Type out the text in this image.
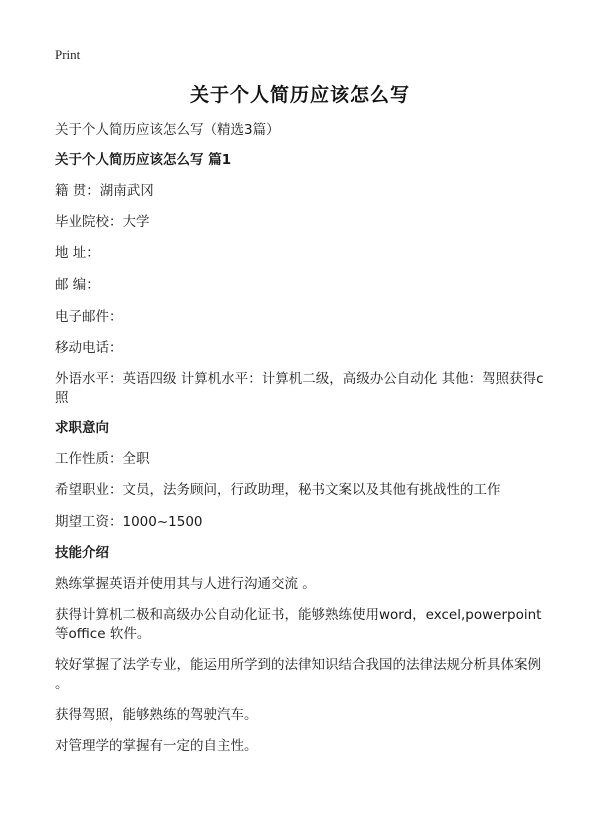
Print
关于个人简历应该怎么写
关于个人简历应该怎么写（精选3篇）
关于个人简历应该怎么写 篇1
籍 贯：湖南武冈
毕业院校：大学
地 址：
邮 编：
电子邮件：
移动电话：
外语水平：英语四级 计算机水平：计算机二级，高级办公自动化 其他：驾照获得c照
求职意向
工作性质：全职
希望职业：文员，法务顾问，行政助理，秘书文案以及其他有挑战性的工作
期望工资：1000~1500
技能介绍
熟练掌握英语并使用其与人进行沟通交流 。
获得计算机二极和高级办公自动化证书，能够熟练使用word，excel,powerpoint 等office 软件。
较好掌握了法学专业，能运用所学到的法律知识结合我国的法律法规分析具体案例 。
获得驾照，能够熟练的驾驶汽车。
对管理学的掌握有一定的自主性。
